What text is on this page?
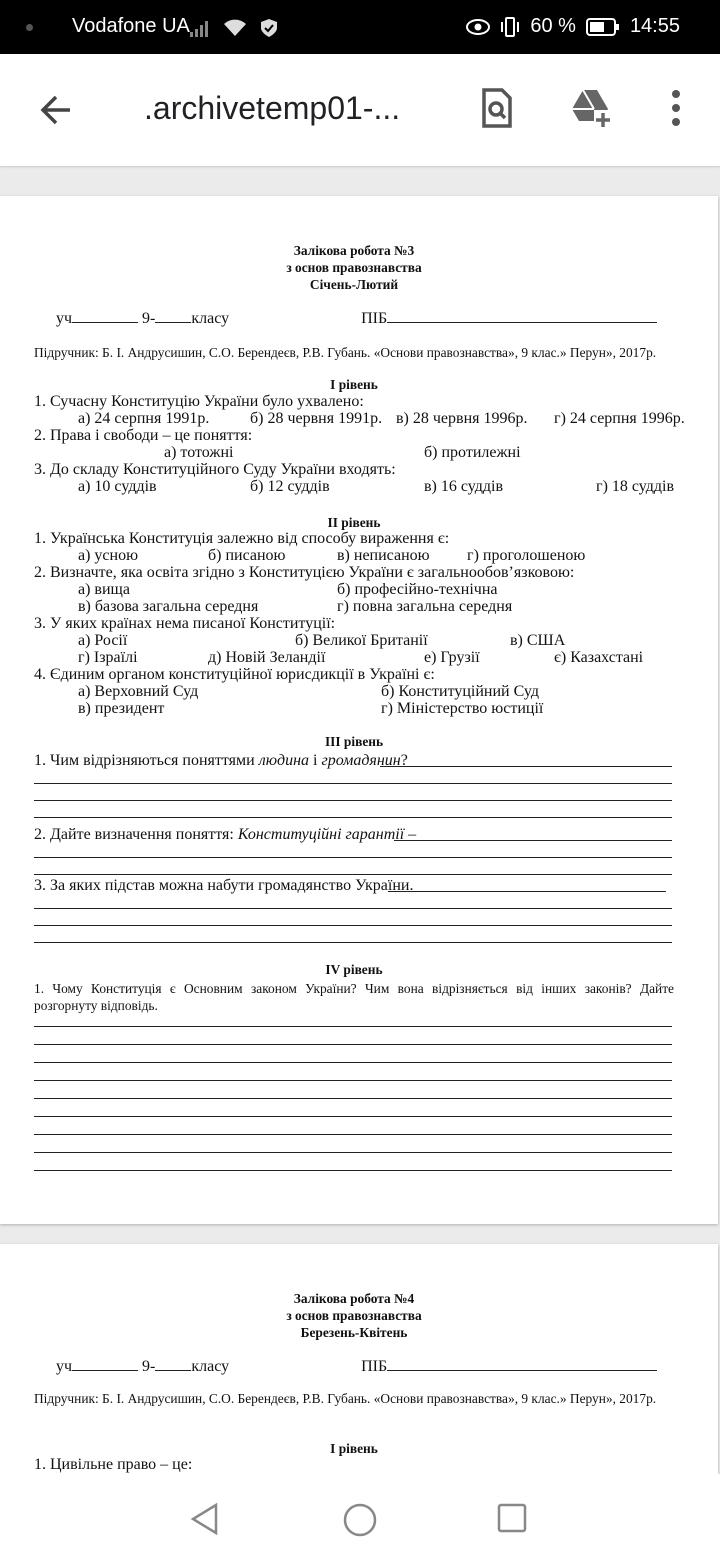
Vodafone UA	60 %	14:55
.archivetemp01-...
Залікова робота №3
з основ правознавства
Січень-Лютий
уч	9- класу	ПІБ
Підручник: Б. І. Андрусишин, С.О. Берендеєв, Р.В. Губань. «Основи правознавства», 9 клас.» Перун», 2017р.
І рівень
1. Сучасну Конституцію України було ухвалено:
а) 24 серпня 1991р.	б) 28 червня 1991р. в) 28 червня 1996р. г) 24 серпня 1996р.
2. Права і свободи – це поняття:
а) тотожні	б) протилежні
3. До складу Конституційного Суду України входять:
а) 10 суддів	б) 12 суддів	в) 16 суддів	г) 18 суддів
ІІ рівень
1. Українська Конституція залежно від способу вираження є:
а) усною	б) писаною	в) неписаною г) проголошеною
2. Визначте, яка освіта згідно з Конституцією України є загальнообов’язковою:
а) вища	б) професійно-технічна
в) базова загальна середня	г) повна загальна середня
3. У яких країнах нема писаної Конституції:
а) Росії	б) Великої Британії	в) США
г) Ізраїлі	д) Новій Зеландії	е) Грузії	є) Казахстані
4. Єдиним органом конституційної юрисдикції в Україні є:
а) Верховний Суд	б) Конституційний Суд
в) президент	г) Міністерство юстиції
ІІІ рівень
1. Чим відрізняються поняттями людина і громадянин?
2. Дайте визначення поняття: Конституційні гарантії –
3. За яких підстав можна набути громадянство України.
IV рівень
1. Чому Конституція є Основним законом України? Чим вона відрізняється від інших законів? Дайте розгорнуту відповідь.
Залікова робота №4
з основ правознавства
Березень-Квітень
уч	9- класу	ПІБ
Підручник: Б. І. Андрусишин, С.О. Берендеєв, Р.В. Губань. «Основи правознавства», 9 клас.» Перун», 2017р.
І рівень
1. Цивільне право – це:
